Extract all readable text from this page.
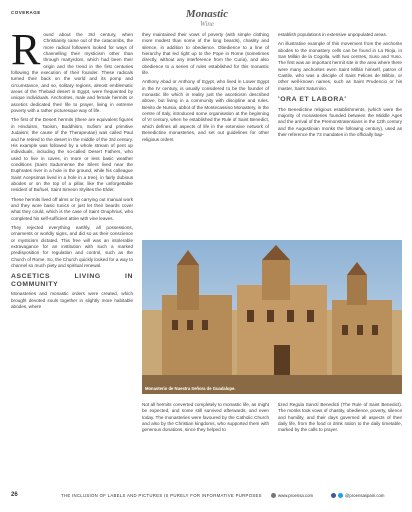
COVERAGE	Monastic
Wine

Round about the 3rd century, when Christianity came out of the catacombs, the more radical followers looked for ways of channelling their mysticism other than through martyrdom, which had been their origin and the trend in the first centuries following the execution of their founder. These radicals turned their back on the world and its pomp and circumstance, and so, solitary regions, almost emblematic areas of the Thebaid desert in Egypt, were frequented by unique individuals. Anchorites, male and female hermits or ascetics dedicated their life to prayer, living in extreme poverty with a rather picturesque way of life.

The first of the Desert hermits (there are equivalent figures in Hinduism, Taoism, Buddhism, Sufism and primitive Judaism; the cause of the Therapeutae) was called Paul and he retired to the desert in the middle of the 3rd century. His example was followed by a whole stream of pent up individuals, including the so-called Desert Fathers, who used to live in caves, in more or less basic weather conditions (Saint Sadurnense the Silent lived near the Euphrates river in a hole in the ground, while his colleague Saint Acepsimas lived in a hole in a tree), in fairly dubious abodes or on the top of a pillar, like the unforgettable resident of Buñuel, Saint Simeon Stylites the Elder.

These hermits lived off alms or by carrying out manual work and they wore basic tunics or just let their beards cover what they could, which is the case of Saint Onuphrius, who completed his self-sufficient attire with vine leaves.

They rejected everything earthly, all possessions, ornaments or worldly signs, and did so as their conscience or mysticism dictated. This free will was an intolerable extravagance for an institution with such a marked predisposition for regulation and control, such as the Church of Rome. So, the Church quickly looked for a way to channel so much piety and spiritual renewal.

ASCETICS LIVING IN COMMUNITY

Monasteries and monastic orders were created, which brought devoted souls together in slightly more habitable abodes, where

they maintained their vows of poverty (with simple clothing more modest than some of the long beards), chastity and silence, in addition to obedience. Obedience to a line of hierarchy that led right up to the Pope in Rome (sometimes directly, without any interference from the Curia), and also obedience to a series of rules established for this monastic life.

Anthony Abad or Anthony of Egypt, who lived in Lower Egypt in the IV century, is usually considered to be the founder of monastic life which in reality just the asceticism described above, but living in a community with discipline and rules. Benito de Nursia, abbot of the Montecassino Monastery, in the centre of Italy, introduced some organisation at the beginning of VI century, when he established the Rule of Saint Benedict, which defines all aspects of life in the extensive network of Benedictine monasteries, and set out guidelines for other religious orders

establish populations in extensive unpopulated areas.

An illustrative example of this movement from the anchorite abodes to the monastery cells can be found in La Rioja, in San Millán de la Cogolla, with two centres, Suso and Yuso. The first was an important hermit site in the area where there were many anchorites even Saint Millán himself, patron of Castile, who was a disciple of Saint Felices de Bilibio, or other well-known names, such as Saint Prudencio or his master, Saint Saturnino.

'ORA ET LABORA'

The Benedictine religious establishments, (which were the majority of monasteries founded between the Middle Ages and the arrival of the Premonstratensians in the 12th century and the Augustinian monks the following century), used as their reference the 73 mandates in the officially bap-

Monasterio de Nuestra Señora de Guadalupe.

Not all hermits converted completely to monastic life, as might be expected, and some still survived afterwards, and even today. The monasteries were favoured by the Catholic Church and also by the Christian kingdoms, who supported them with generous donations, since they helped to

tized Regula Sancti Benedicti (The Rule of Saint Benedict). The monks took vows of chastity, obedience, poverty, silence and humility, and their days governed all aspects of their daily life, from the food or drink ration to the daily timetable, marked by the calls to prayer.

26	THE INCLUSION OF LABELS AND PICTURES IS PURELY FOR INFORMATIVE PURPOSES	www.proensa.com	@proensaspain.com
